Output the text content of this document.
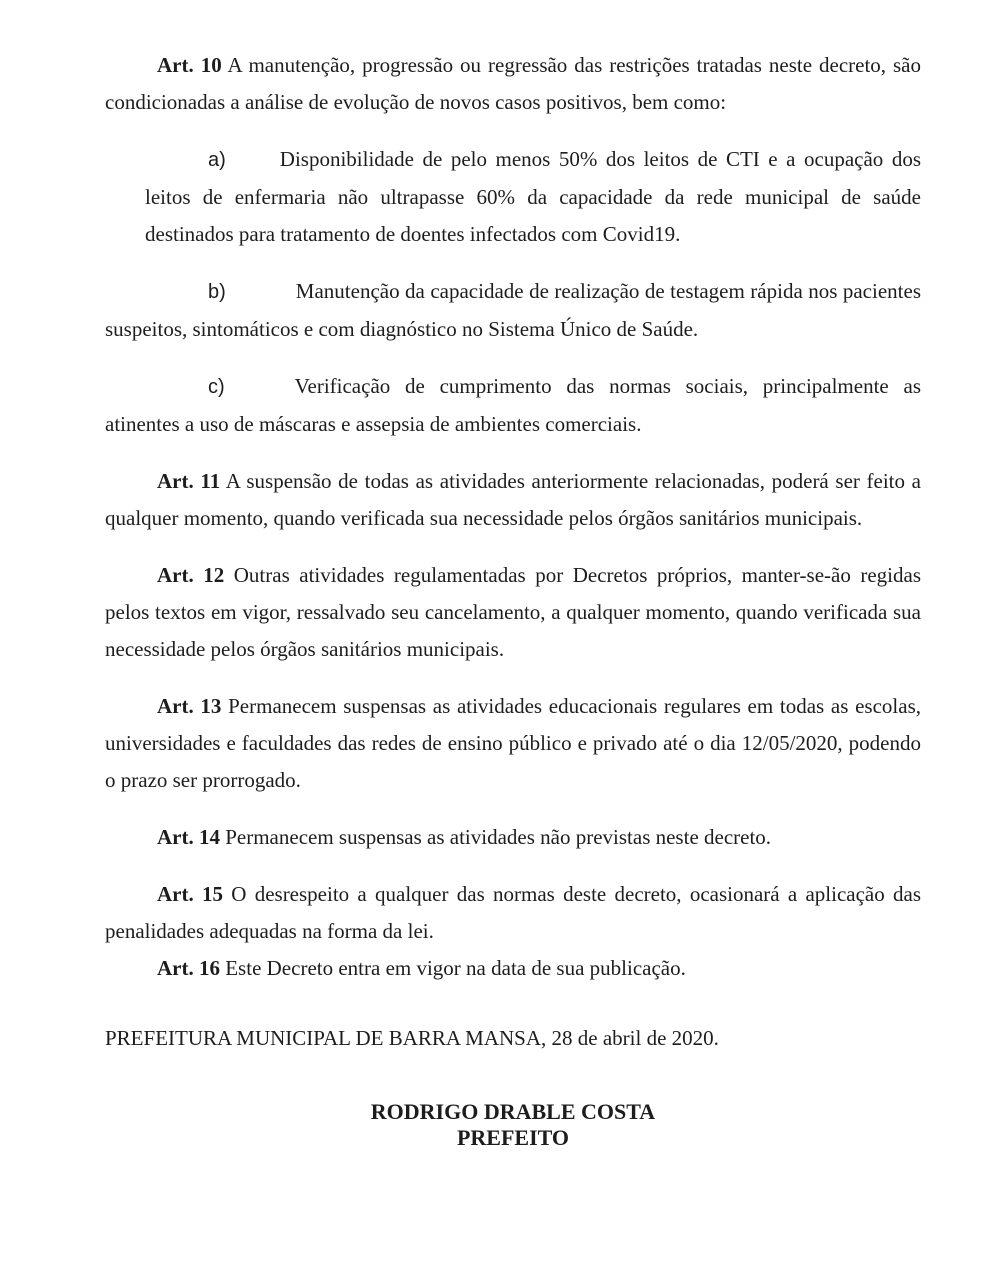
Art. 10 A manutenção, progressão ou regressão das restrições tratadas neste decreto, são condicionadas a análise de evolução de novos casos positivos, bem como:

a)	Disponibilidade de pelo menos 50% dos leitos de CTI e a ocupação dos leitos de enfermaria não ultrapasse 60% da capacidade da rede municipal de saúde destinados para tratamento de doentes infectados com Covid19.

b)	Manutenção da capacidade de realização de testagem rápida nos pacientes suspeitos, sintomáticos e com diagnóstico no Sistema Único de Saúde.

c)	Verificação de cumprimento das normas sociais, principalmente as atinentes a uso de máscaras e assepsia de ambientes comerciais.

Art. 11 A suspensão de todas as atividades anteriormente relacionadas, poderá ser feito a qualquer momento, quando verificada sua necessidade pelos órgãos sanitários municipais.

Art. 12 Outras atividades regulamentadas por Decretos próprios, manter-se-ão regidas pelos textos em vigor, ressalvado seu cancelamento, a qualquer momento, quando verificada sua necessidade pelos órgãos sanitários municipais.

Art. 13 Permanecem suspensas as atividades educacionais regulares em todas as escolas, universidades e faculdades das redes de ensino público e privado até o dia 12/05/2020, podendo o prazo ser prorrogado.

Art. 14 Permanecem suspensas as atividades não previstas neste decreto.

Art. 15 O desrespeito a qualquer das normas deste decreto, ocasionará a aplicação das penalidades adequadas na forma da lei.

Art. 16 Este Decreto entra em vigor na data de sua publicação.

PREFEITURA MUNICIPAL DE BARRA MANSA, 28 de abril de 2020.

RODRIGO DRABLE COSTA
PREFEITO
